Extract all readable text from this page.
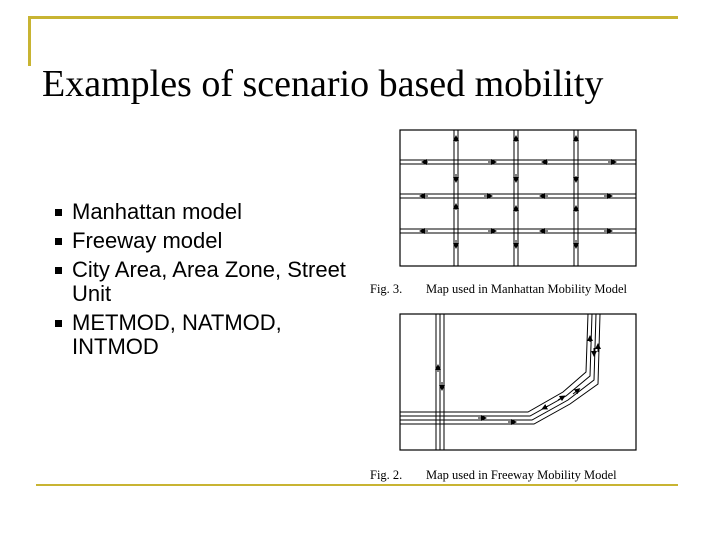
Examples of scenario based mobility
Manhattan model
Freeway model
City Area, Area Zone, Street Unit
METMOD, NATMOD, INTMOD
Fig. 3. Map used in Manhattan Mobility Model
Fig. 2. Map used in Freeway Mobility Model
